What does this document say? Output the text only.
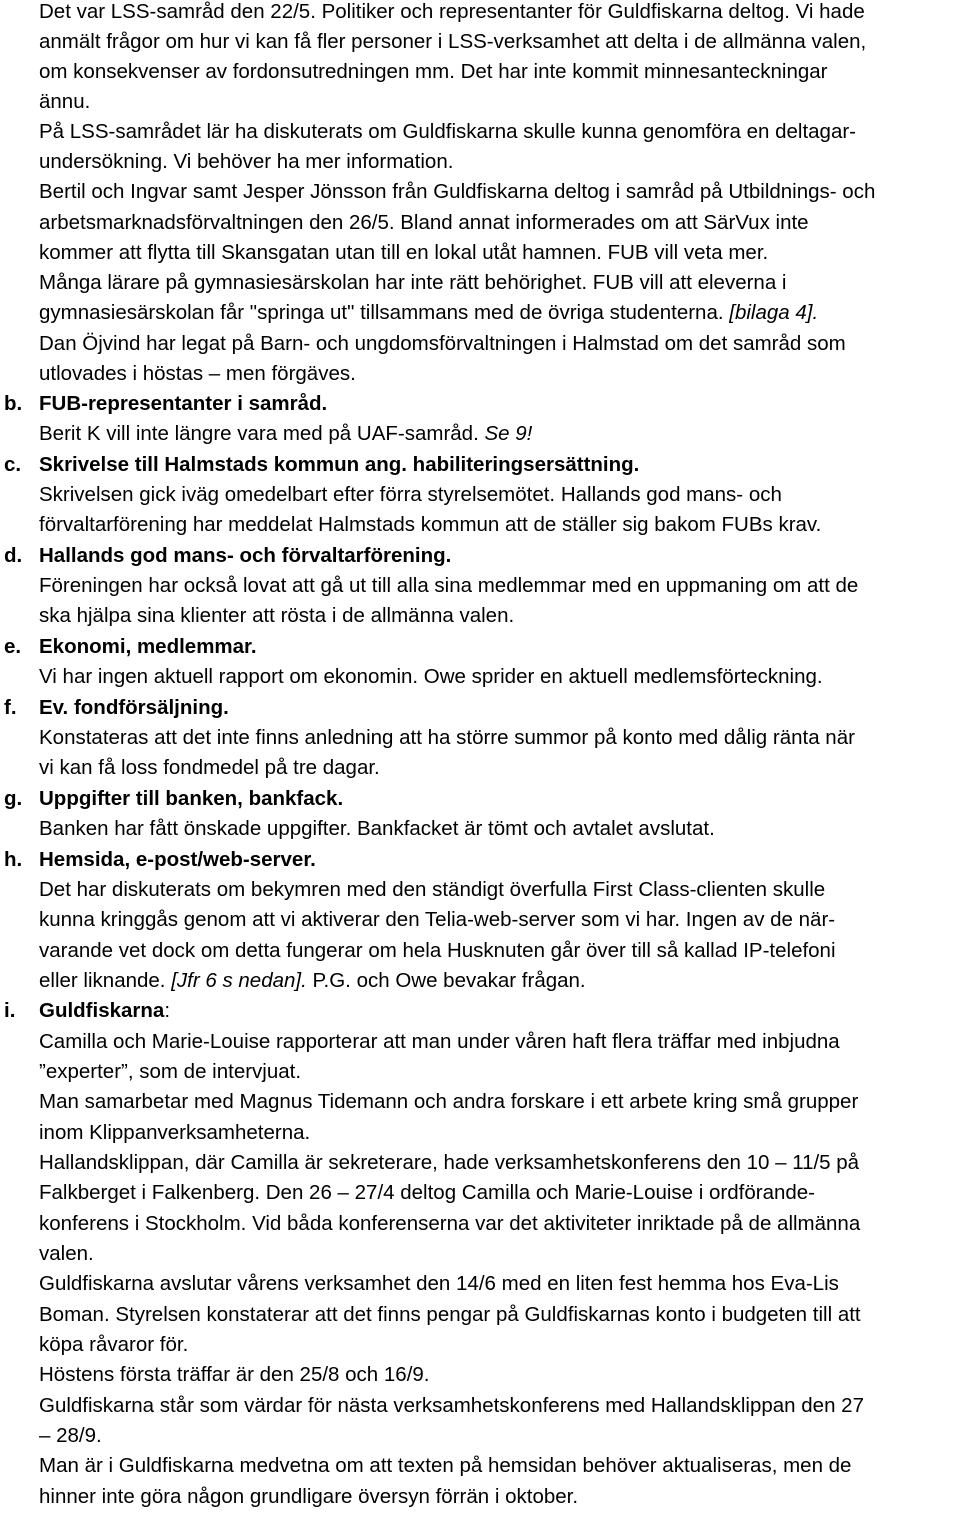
Det var LSS-samråd den 22/5. Politiker och representanter för Guldfiskarna deltog. Vi hade

anmält frågor om hur vi kan få fler personer i LSS-verksamhet att delta i de allmänna valen,

om konsekvenser av fordonsutredningen mm. Det har inte kommit minnesanteckningar

ännu.

På LSS-samrådet lär ha diskuterats om Guldfiskarna skulle kunna genomföra en deltagar-

undersökning. Vi behöver ha mer information.

Bertil och Ingvar samt Jesper Jönsson från Guldfiskarna deltog i samråd på Utbildnings- och

arbetsmarknadsförvaltningen den 26/5. Bland annat informerades om att SärVux inte

kommer att flytta till Skansgatan utan till en lokal utåt hamnen. FUB vill veta mer.

Många lärare på gymnasiesärskolan har inte rätt behörighet. FUB vill att eleverna i

gymnasiesärskolan får "springa ut" tillsammans med de övriga studenterna. [bilaga 4].

Dan Öjvind har legat på Barn- och ungdomsförvaltningen i Halmstad om det samråd som

utlovades i höstas – men förgäves.

b. FUB-representanter i samråd.

Berit K vill inte längre vara med på UAF-samråd. Se 9!

c. Skrivelse till Halmstads kommun ang. habiliteringsersättning.

Skrivelsen gick iväg omedelbart efter förra styrelsemötet. Hallands god mans- och

förvaltarförening har meddelat Halmstads kommun att de ställer sig bakom FUBs krav.

d. Hallands god mans- och förvaltarförening.

Föreningen har också lovat att gå ut till alla sina medlemmar med en uppmaning om att de

ska hjälpa sina klienter att rösta i de allmänna valen.

e. Ekonomi, medlemmar.

Vi har ingen aktuell rapport om ekonomin. Owe sprider en aktuell medlemsförteckning.

f.	Ev. fondförsäljning.

Konstateras att det inte finns anledning att ha större summor på konto med dålig ränta när

vi kan få loss fondmedel på tre dagar.

g. Uppgifter till banken, bankfack.

Banken har fått önskade uppgifter. Bankfacket är tömt och avtalet avslutat.

h. Hemsida, e-post/web-server.

Det har diskuterats om bekymren med den ständigt överfulla First Class-clienten skulle

kunna kringgås genom att vi aktiverar den Telia-web-server som vi har. Ingen av de när-

varande vet dock om detta fungerar om hela Husknuten går över till så kallad IP-telefoni

eller liknande. [Jfr 6 s nedan]. P.G. och Owe bevakar frågan.

i.	Guldfiskarna:

Camilla och Marie-Louise rapporterar att man under våren haft flera träffar med inbjudna

”experter”, som de intervjuat.

Man samarbetar med Magnus Tidemann och andra forskare i ett arbete kring små grupper

inom Klippanverksamheterna.

Hallandsklippan, där Camilla är sekreterare, hade verksamhetskonferens den 10 – 11/5 på

Falkberget i Falkenberg. Den 26 – 27/4 deltog Camilla och Marie-Louise i ordförande-

konferens i Stockholm. Vid båda konferenserna var det aktiviteter inriktade på de allmänna

valen.

Guldfiskarna avslutar vårens verksamhet den 14/6 med en liten fest hemma hos Eva-Lis

Boman. Styrelsen konstaterar att det finns pengar på Guldfiskarnas konto i budgeten till att

köpa råvaror för.

Höstens första träffar är den 25/8 och 16/9.

Guldfiskarna står som värdar för nästa verksamhetskonferens med Hallandsklippan den 27

– 28/9.

Man är i Guldfiskarna medvetna om att texten på hemsidan behöver aktualiseras, men de

hinner inte göra någon grundligare översyn förrän i oktober.
